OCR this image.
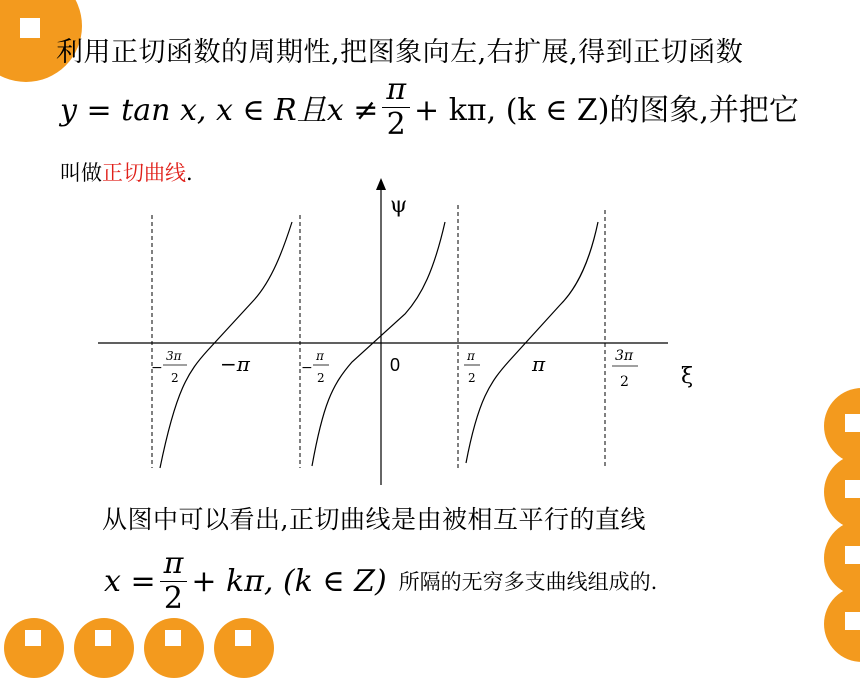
利用正切函数的周期性,把图象向左,右扩展,得到正切函数
y = tan x, x ∈ R且$x \ne \frac{\pi}{2} + k\pi$, (k ∈ Z)的图象,并把它
叫做正切曲线.
ψ
ξ
0
−
3π
2
−π	−
π
2
π
2
π	3π
2
从图中可以看出,正切曲线是由被相互平行的直线
$x = \frac{\pi}{2} + k\pi$, (k ∈ Z) 所隔的无穷多支曲线组成的.
